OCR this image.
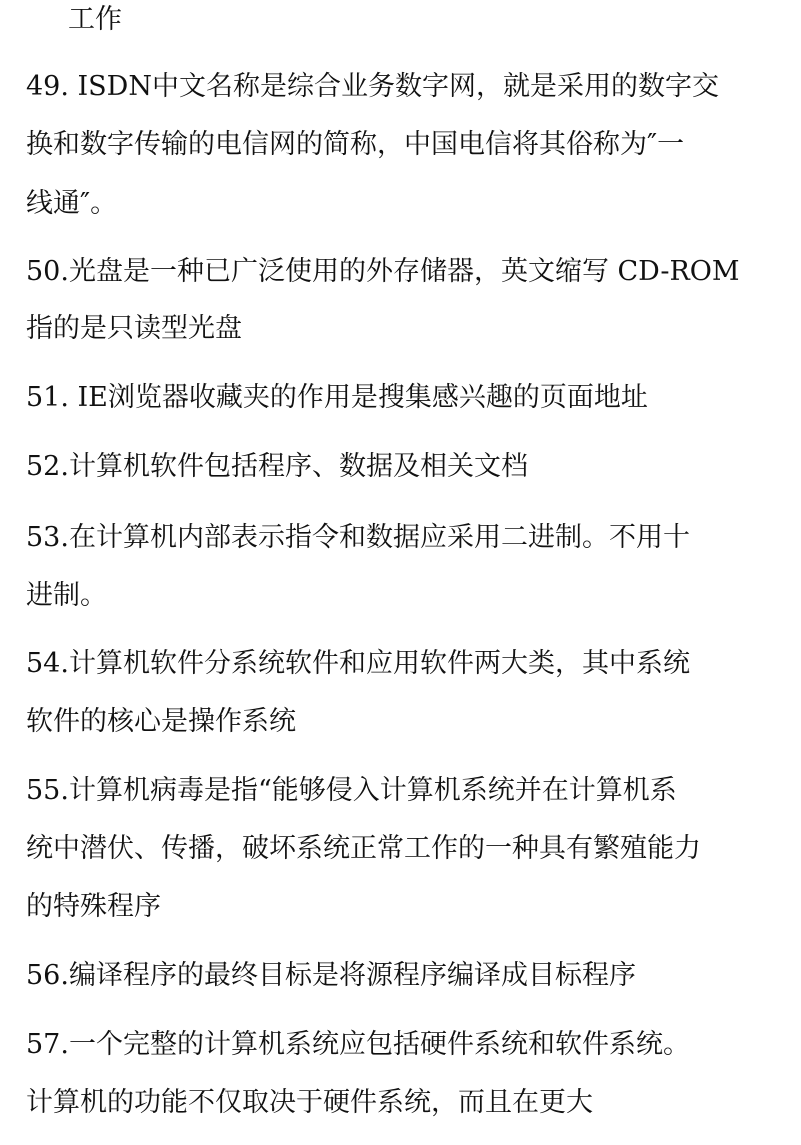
工作
49. ISDN中文名称是综合业务数字网，就是采用的数字交
换和数字传输的电信网的简称，中国电信将其俗称为″一
线通″。
50.光盘是一种已广泛使用的外存储器，英文缩写 CD-ROM
指的是只读型光盘
51. IE浏览器收藏夹的作用是搜集感兴趣的页面地址
52.计算机软件包括程序、数据及相关文档
53.在计算机内部表示指令和数据应采用二进制。不用十
进制。
54.计算机软件分系统软件和应用软件两大类，其中系统
软件的核心是操作系统
55.计算机病毒是指“能够侵入计算机系统并在计算机系
统中潜伏、传播，破坏系统正常工作的一种具有繁殖能力
的特殊程序
56.编译程序的最终目标是将源程序编译成目标程序
57.一个完整的计算机系统应包括硬件系统和软件系统。
计算机的功能不仅取决于硬件系统，而且在更大
